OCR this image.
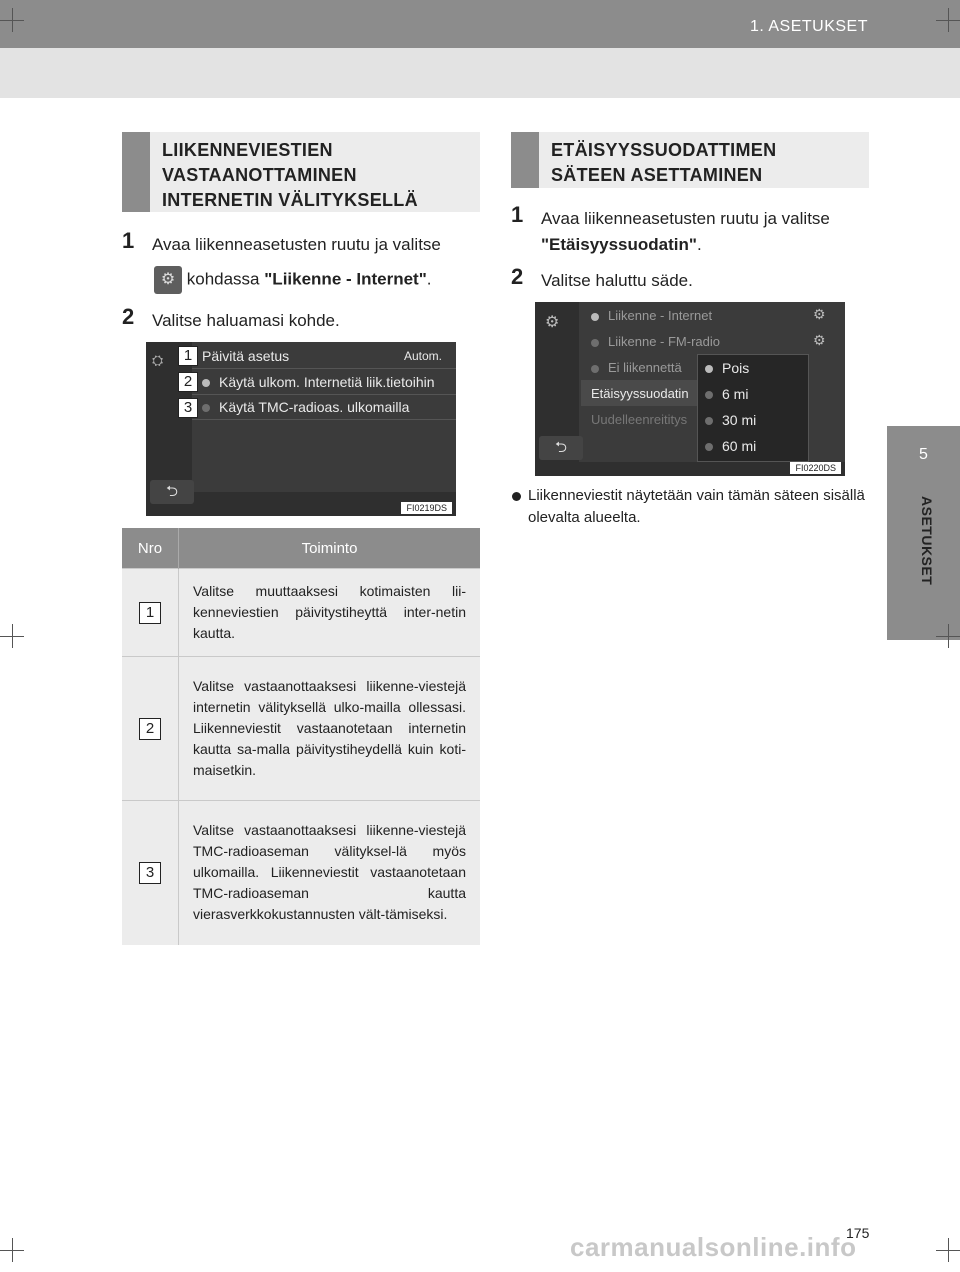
1. ASETUKSET
5
ASETUKSET
LIIKENNEVIESTIEN
VASTAANOTTAMINEN
INTERNETIN VÄLITYKSELLÄ
1 Avaa liikenneasetusten ruutu ja valitse
⚙ kohdassa "Liikenne - Internet".
2 Valitse haluamasi kohde.
⛭	Päivitä asetus	Autom.
Käytä ulkom. Internetiä liik.tietoihin
Käytä TMC-radioas. ulkomailla
1
2
3
⮌
FI0219DS
Nro	Toiminto
1	Valitse muuttaaksesi kotimaisten lii-kenneviestien päivitystiheyttä inter-netin kautta.
2	Valitse vastaanottaaksesi liikenne-viestejä internetin välityksellä ulko-mailla ollessasi. Liikenneviestit vastaanotetaan internetin kautta sa-malla päivitystiheydellä kuin koti-maisetkin.
3	Valitse vastaanottaaksesi liikenne-viestejä TMC-radioaseman välityksel-lä myös ulkomailla. Liikenneviestit vastaanotetaan TMC-radioaseman kautta vierasverkkokustannusten vält-tämiseksi.
ETÄISYYSSUODATTIMEN
SÄTEEN ASETTAMINEN
1 Avaa liikenneasetusten ruutu ja valitse
"Etäisyyssuodatin".
2 Valitse haluttu säde.
⚙	Liikenne - Internet	⚙
Liikenne - FM-radio	⚙
Ei liikennettä
Etäisyyssuodatin
Uudelleenreititys
Pois
6 mi
30 mi
60 mi
⮌
FI0220DS
Liikenneviestit näytetään vain tämän säteen sisällä olevalta alueelta.
175
carmanualsonline.info
